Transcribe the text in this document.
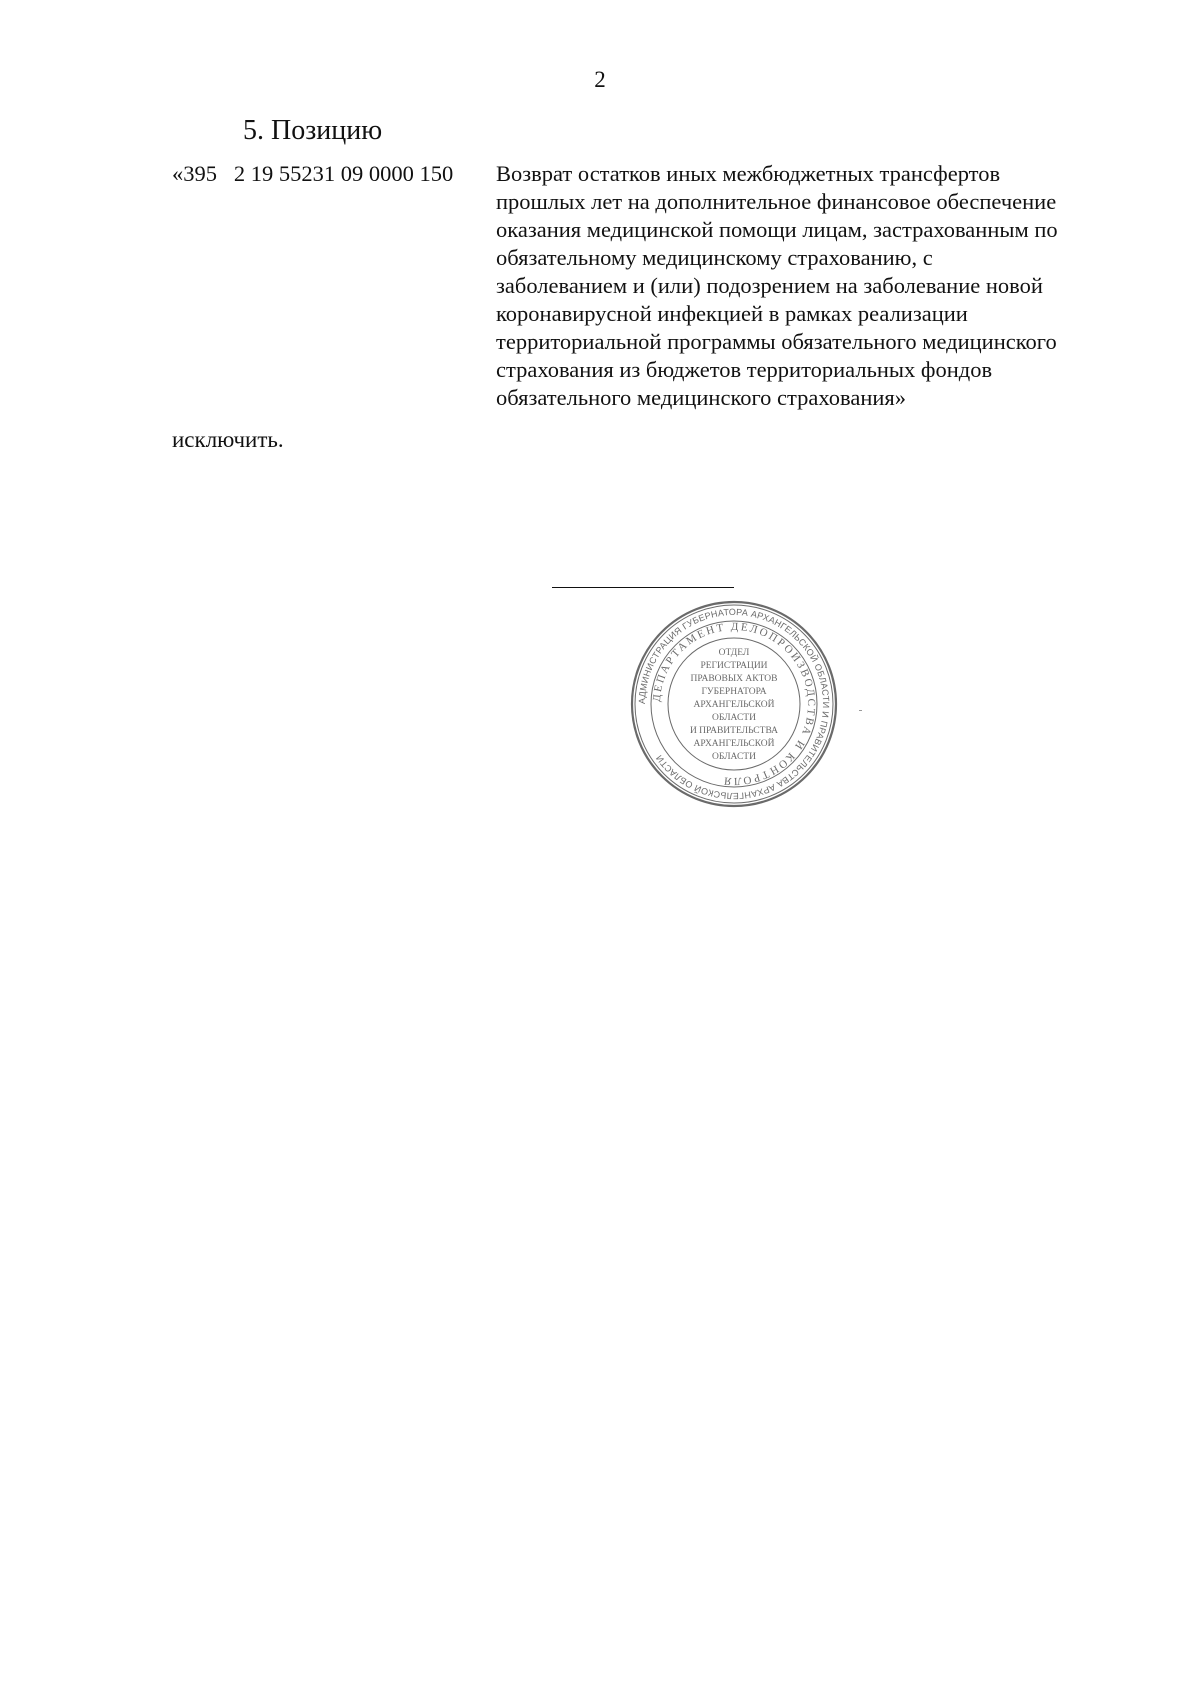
2
5. Позицию
«395   2 19 55231 09 0000 150 Возврат остатков иных межбюджетных трансфертов
прошлых лет на дополнительное финансовое обеспечение
оказания медицинской помощи лицам, застрахованным по
обязательному медицинскому страхованию, с
заболеванием и (или) подозрением на заболевание новой
коронавирусной инфекцией в рамках реализации
территориальной программы обязательного медицинского
страхования из бюджетов территориальных фондов
обязательного медицинского страхования»
исключить.
АДМИНИСТРАЦИЯ ГУБЕРНАТОРА АРХАНГЕЛЬСКОЙ ОБЛАСТИ И ПРАВИТЕЛЬСТВА АРХАНГЕЛЬСКОЙ ОБЛАСТИ
ДЕПАРТАМЕНТ ДЕЛОПРОИЗВОДСТВА И КОНТРОЛЯ
ОТДЕЛ
РЕГИСТРАЦИИ
ПРАВОВЫХ АКТОВ
ГУБЕРНАТОРА
АРХАНГЕЛЬСКОЙ
ОБЛАСТИ
И ПРАВИТЕЛЬСТВА
АРХАНГЕЛЬСКОЙ
ОБЛАСТИ
